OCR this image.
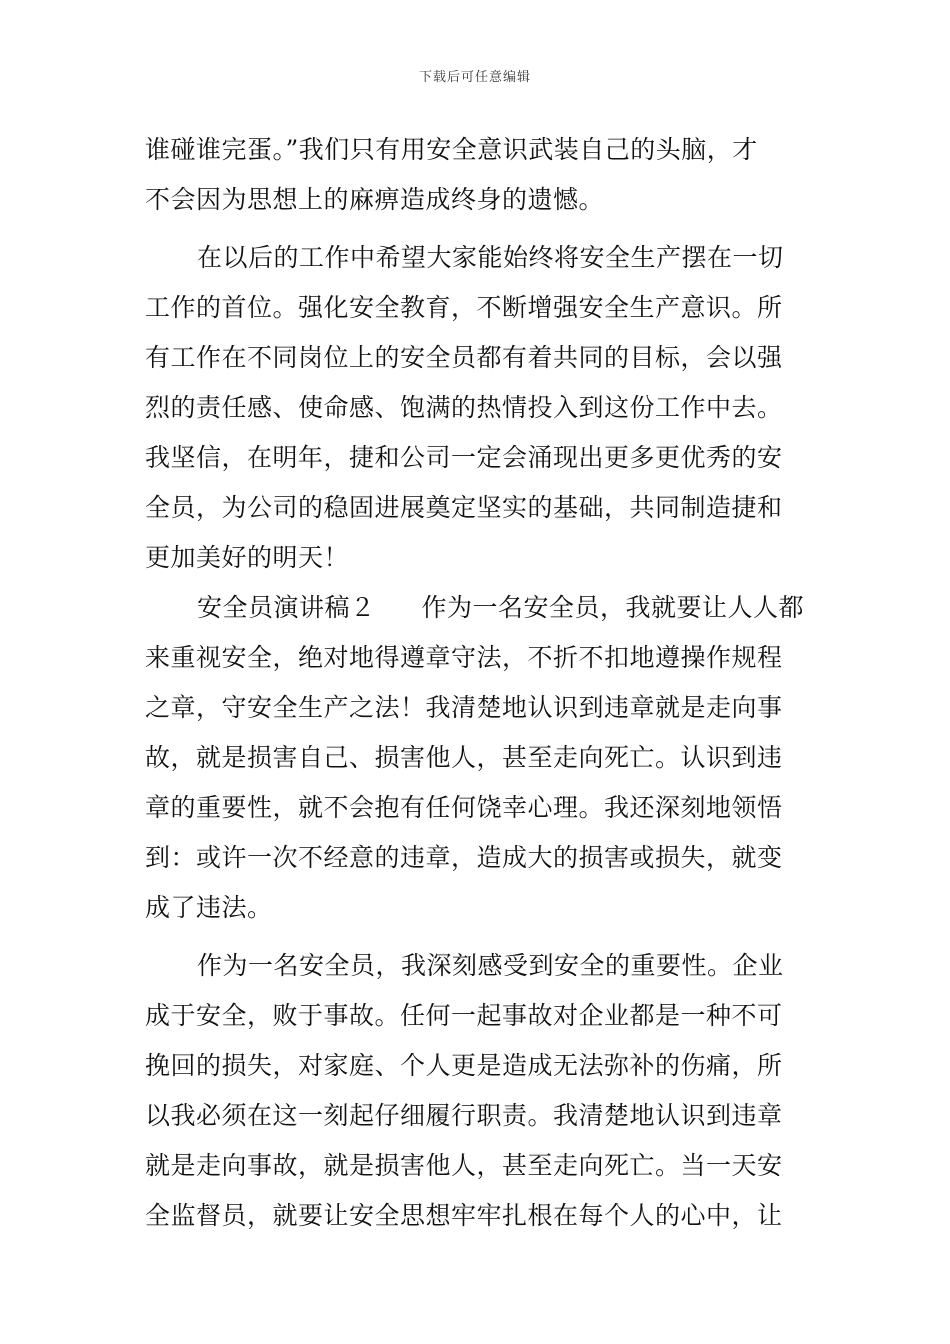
下载后可任意编辑
谁碰谁完蛋。”我们只有用安全意识武装自己的头脑，才
不会因为思想上的麻痹造成终身的遗憾。
在以后的工作中希望大家能始终将安全生产摆在一切
工作的首位。强化安全教育，不断增强安全生产意识。所
有工作在不同岗位上的安全员都有着共同的目标，会以强
烈的责任感、使命感、饱满的热情投入到这份工作中去。
我坚信，在明年，捷和公司一定会涌现出更多更优秀的安
全员，为公司的稳固进展奠定坚实的基础，共同制造捷和
更加美好的明天！
安全员演讲稿２ 作为一名安全员，我就要让人人都
来重视安全，绝对地得遵章守法，不折不扣地遵操作规程
之章，守安全生产之法！我清楚地认识到违章就是走向事
故，就是损害自己、损害他人，甚至走向死亡。认识到违
章的重要性，就不会抱有任何饶幸心理。我还深刻地领悟
到：或许一次不经意的违章，造成大的损害或损失，就变
成了违法。
作为一名安全员，我深刻感受到安全的重要性。企业
成于安全，败于事故。任何一起事故对企业都是一种不可
挽回的损失，对家庭、个人更是造成无法弥补的伤痛，所
以我必须在这一刻起仔细履行职责。我清楚地认识到违章
就是走向事故，就是损害他人，甚至走向死亡。当一天安
全监督员，就要让安全思想牢牢扎根在每个人的心中，让
